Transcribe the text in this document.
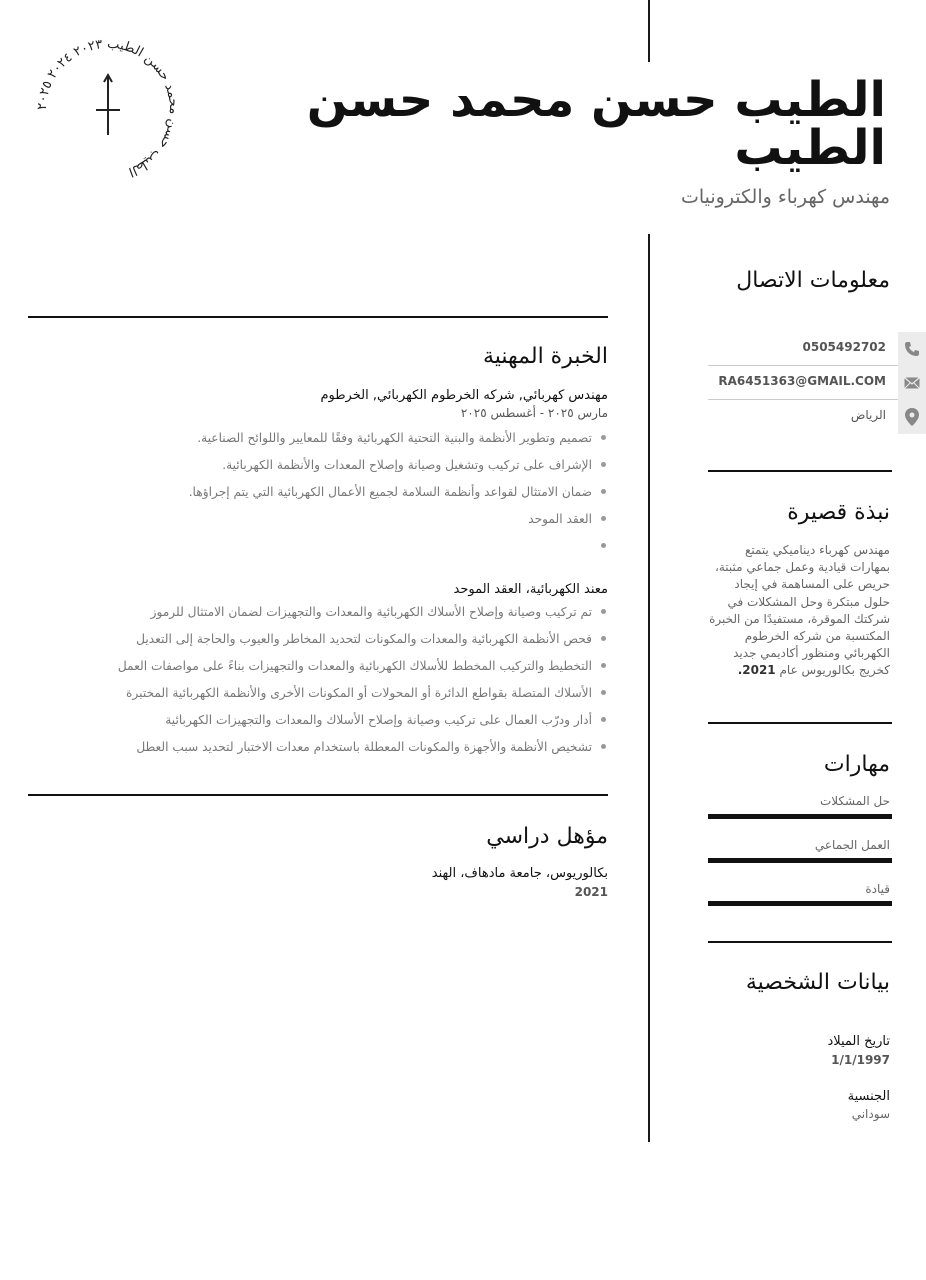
الطيب حسن محمد حسن الطيب ٢٠٢٣ ٢٠٢٤ ٢٠٢٥
الطيب حسن محمد حسن الطيب
مهندس كهرباء والكترونيات
معلومات الاتصال
0505492702
RA6451363@GMAIL.COM
الرياض
نبذة قصيرة
مهندس كهرباء ديناميكي يتمتع بمهارات قيادية وعمل جماعي مثبتة، حريص على المساهمة في إيجاد حلول مبتكرة وحل المشكلات في شركتك الموقرة، مستفيدًا من الخبرة المكتسبة من شركه الخرطوم الكهربائي ومنظور أكاديمي جديد كخريج بكالوريوس عام 2021.
مهارات
حل المشكلات
العمل الجماعي
قيادة
بيانات الشخصية
تاريخ الميلاد
1/1/1997
الجنسية
سوداني
الخبرة المهنية
مهندس كهربائي, شركه الخرطوم الكهربائي, الخرطوم
مارس ٢٠٢٥ - أغسطس ٢٠٢٥
تصميم وتطوير الأنظمة والبنية التحتية الكهربائية وفقًا للمعايير واللوائح الصناعية.
الإشراف على تركيب وتشغيل وصيانة وإصلاح المعدات والأنظمة الكهربائية.
ضمان الامتثال لقواعد وأنظمة السلامة لجميع الأعمال الكهربائية التي يتم إجراؤها.
العقد الموحد
معند الكهربائية، العقد الموحد
تم تركيب وصيانة وإصلاح الأسلاك الكهربائية والمعدات والتجهيزات لضمان الامتثال للرموز
فحص الأنظمة الكهربائية والمعدات والمكونات لتحديد المخاطر والعيوب والحاجة إلى التعديل
التخطيط والتركيب المخطط للأسلاك الكهربائية والمعدات والتجهيزات بناءً على مواصفات العمل
الأسلاك المتصلة بقواطع الدائرة أو المحولات أو المكونات الأخرى والأنظمة الكهربائية المختبرة
أدار ودرّب العمال على تركيب وصيانة وإصلاح الأسلاك والمعدات والتجهيزات الكهربائية
تشخيص الأنظمة والأجهزة والمكونات المعطلة باستخدام معدات الاختبار لتحديد سبب العطل
مؤهل دراسي
بكالوريوس، جامعة مادهاف، الهند
2021
